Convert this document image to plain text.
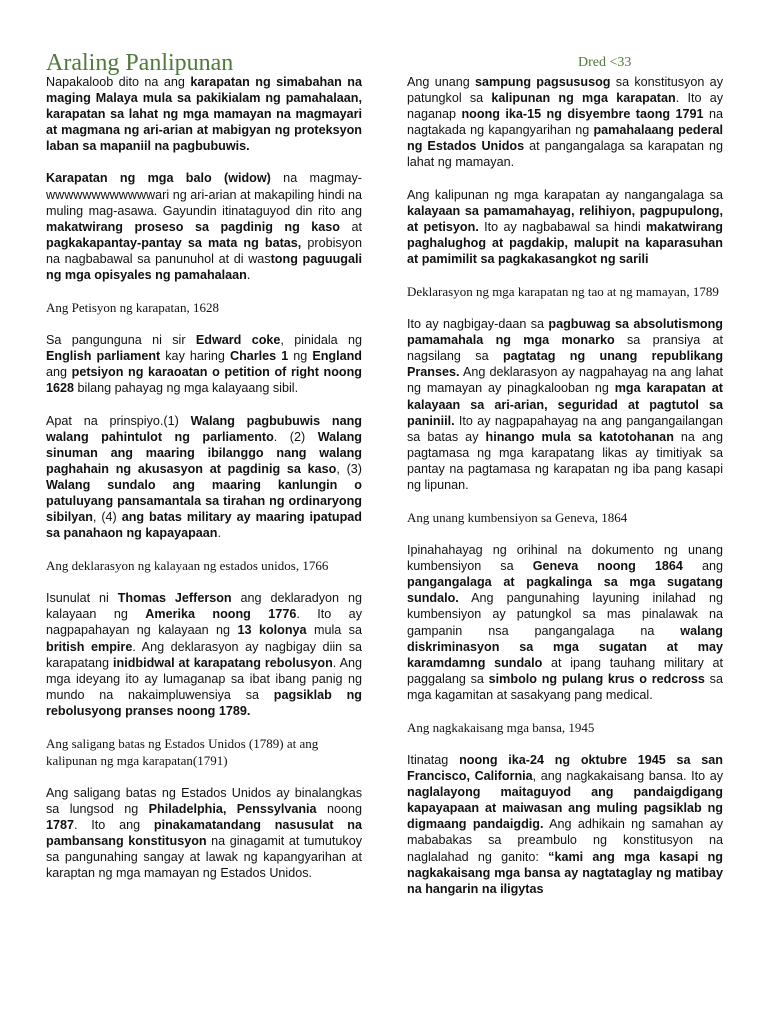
Araling Panlipunan	Dred <33

Napakaloob dito na ang karapatan ng simabahan na maging Malaya mula sa pakikialam ng pamahalaan, karapatan sa lahat ng mga mamayan na magmayari at magmana ng ari-arian at mabigyan ng proteksyon laban sa mapaniil na pagbubuwis.

Karapatan ng mga balo (widow) na magmay-wwwwwwwwwwwwari ng ari-arian at makapiling hindi na muling mag-asawa. Gayundin itinataguyod din rito ang makatwirang proseso sa pagdinig ng kaso at pagkakapantay-pantay sa mata ng batas, probisyon na nagbabawal sa panunuhol at di wastong paguugali ng mga opisyales ng pamahalaan.

Ang Petisyon ng karapatan, 1628

Sa pangunguna ni sir Edward coke, pinidala ng English parliament kay haring Charles 1 ng England ang petsiyon ng karaoatan o petition of right noong 1628 bilang pahayag ng mga kalayaang sibil.

Apat na prinspiyo.(1) Walang pagbubuwis nang walang pahintulot ng parliamento. (2) Walang sinuman ang maaring ibilanggo nang walang paghahain ng akusasyon at pagdinig sa kaso, (3) Walang sundalo ang maaring kanlungin o patuluyang pansamantala sa tirahan ng ordinaryong sibilyan, (4) ang batas military ay maaring ipatupad sa panahaon ng kapayapaan.

Ang deklarasyon ng kalayaan ng estados unidos, 1766

Isunulat ni Thomas Jefferson ang deklaradyon ng kalayaan ng Amerika noong 1776. Ito ay nagpapahayan ng kalayaan ng 13 kolonya mula sa british empire. Ang deklarasyon ay nagbigay diin sa karapatang inidbidwal at karapatang rebolusyon. Ang mga ideyang ito ay lumaganap sa ibat ibang panig ng mundo na nakaimpluwensiya sa pagsiklab ng rebolusyong pranses noong 1789.

Ang saligang batas ng Estados Unidos (1789) at ang kalipunan ng mga karapatan(1791)

Ang saligang batas ng Estados Unidos ay binalangkas sa lungsod ng Philadelphia, Penssylvania noong 1787. Ito ang pinakamatandang nasusulat na pambansang konstitusyon na ginagamit at tumutukoy sa pangunahing sangay at lawak ng kapangyarihan at karaptan ng mga mamayan ng Estados Unidos.

Ang unang sampung pagsususog sa konstitusyon ay patungkol sa kalipunan ng mga karapatan. Ito ay naganap noong ika-15 ng disyembre taong 1791 na nagtakada ng kapangyarihan ng pamahalaang pederal ng Estados Unidos at pangangalaga sa karapatan ng lahat ng mamayan.

Ang kalipunan ng mga karapatan ay nangangalaga sa kalayaan sa pamamahayag, relihiyon, pagpupulong, at petisyon. Ito ay nagbabawal sa hindi makatwirang paghalughog at pagdakip, malupit na kaparasuhan at pamimilit sa pagkakasangkot ng sarili

Deklarasyon ng mga karapatan ng tao at ng mamayan, 1789

Ito ay nagbigay-daan sa pagbuwag sa absolutismong pamamahala ng mga monarko sa pransiya at nagsilang sa pagtatag ng unang republikang Pranses. Ang deklarasyon ay nagpahayag na ang lahat ng mamayan ay pinagkalooban ng mga karapatan at kalayaan sa ari-arian, seguridad at pagtutol sa paniniil. Ito ay nagpapahayag na ang pangangailangan sa batas ay hinango mula sa katotohanan na ang pagtamasa ng mga karapatang likas ay timitiyak sa pantay na pagtamasa ng karapatan ng iba pang kasapi ng lipunan.

Ang unang kumbensiyon sa Geneva, 1864

Ipinahahayag ng orihinal na dokumento ng unang kumbensiyon sa Geneva noong 1864 ang pangangalaga at pagkalinga sa mga sugatang sundalo. Ang pangunahing layuning inilahad ng kumbensiyon ay patungkol sa mas pinalawak na gampanin nsa pangangalaga na walang diskriminasyon sa mga sugatan at may karamdamng sundalo at ipang tauhang military at paggalang sa simbolo ng pulang krus o redcross sa mga kagamitan at sasakyang pang medical.

Ang nagkakaisang mga bansa, 1945

Itinatag noong ika-24 ng oktubre 1945 sa san Francisco, California, ang nagkakaisang bansa. Ito ay naglalayong maitaguyod ang pandaigdigang kapayapaan at maiwasan ang muling pagsiklab ng digmaang pandaigdig. Ang adhikain ng samahan ay mababakas sa preambulo ng konstitusyon na naglalahad ng ganito: “kami ang mga kasapi ng nagkakaisang mga bansa ay nagtataglay ng matibay na hangarin na iligytas
